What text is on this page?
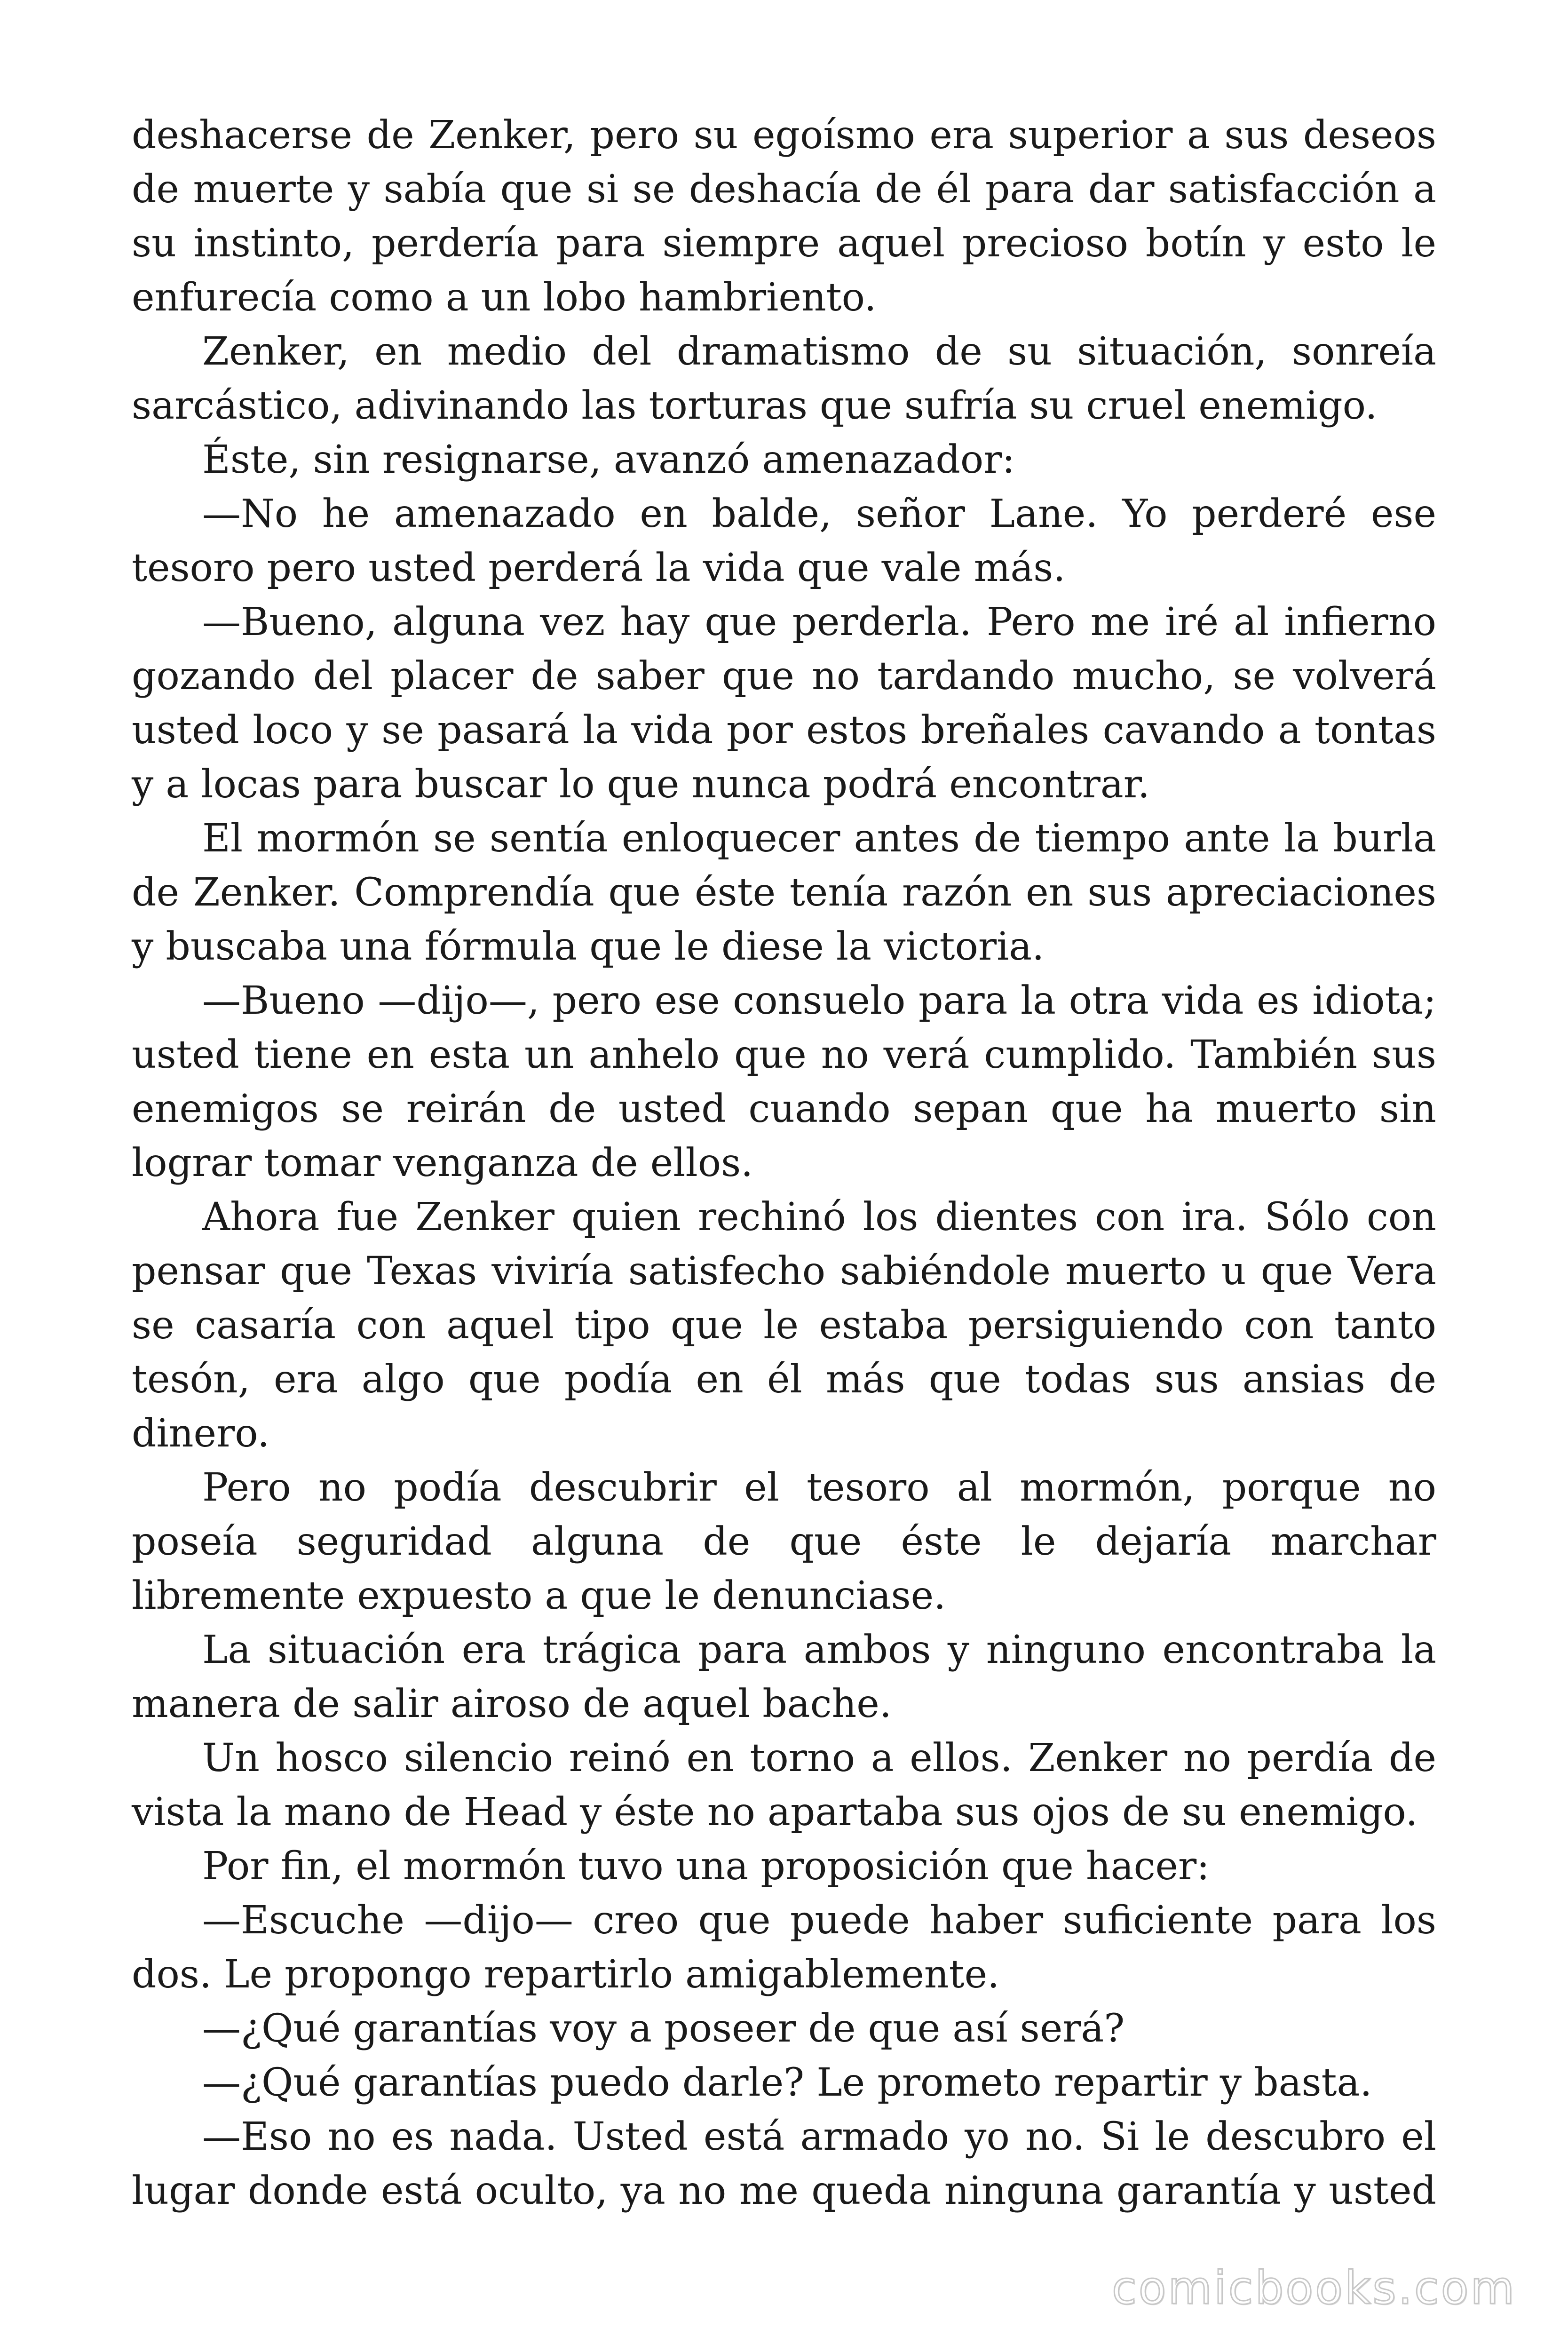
deshacerse de Zenker, pero su egoísmo era superior a sus deseos de muerte y sabía que si se deshacía de él para dar satisfacción a su instinto, perdería para siempre aquel precioso botín y esto le enfurecía como a un lobo hambriento.

Zenker, en medio del dramatismo de su situación, sonreía sarcástico, adivinando las torturas que sufría su cruel enemigo.

Éste, sin resignarse, avanzó amenazador:

—No he amenazado en balde, señor Lane. Yo perderé ese tesoro pero usted perderá la vida que vale más.

—Bueno, alguna vez hay que perderla. Pero me iré al infierno gozando del placer de saber que no tardando mucho, se volverá usted loco y se pasará la vida por estos breñales cavando a tontas y a locas para buscar lo que nunca podrá encontrar.

El mormón se sentía enloquecer antes de tiempo ante la burla de Zenker. Comprendía que éste tenía razón en sus apreciaciones y buscaba una fórmula que le diese la victoria.

—Bueno —dijo—, pero ese consuelo para la otra vida es idiota; usted tiene en esta un anhelo que no verá cumplido. También sus enemigos se reirán de usted cuando sepan que ha muerto sin lograr tomar venganza de ellos.

Ahora fue Zenker quien rechinó los dientes con ira. Sólo con pensar que Texas viviría satisfecho sabiéndole muerto u que Vera se casaría con aquel tipo que le estaba persiguiendo con tanto tesón, era algo que podía en él más que todas sus ansias de dinero.

Pero no podía descubrir el tesoro al mormón, porque no poseía seguridad alguna de que éste le dejaría marchar libremente expuesto a que le denunciase.

La situación era trágica para ambos y ninguno encontraba la manera de salir airoso de aquel bache.

Un hosco silencio reinó en torno a ellos. Zenker no perdía de vista la mano de Head y éste no apartaba sus ojos de su enemigo.

Por fin, el mormón tuvo una proposición que hacer:

—Escuche —dijo— creo que puede haber suficiente para los dos. Le propongo repartirlo amigablemente.

—¿Qué garantías voy a poseer de que así será?

—¿Qué garantías puedo darle? Le prometo repartir y basta.

—Eso no es nada. Usted está armado yo no. Si le descubro el lugar donde está oculto, ya no me queda ninguna garantía y usted

comicbooks.com
